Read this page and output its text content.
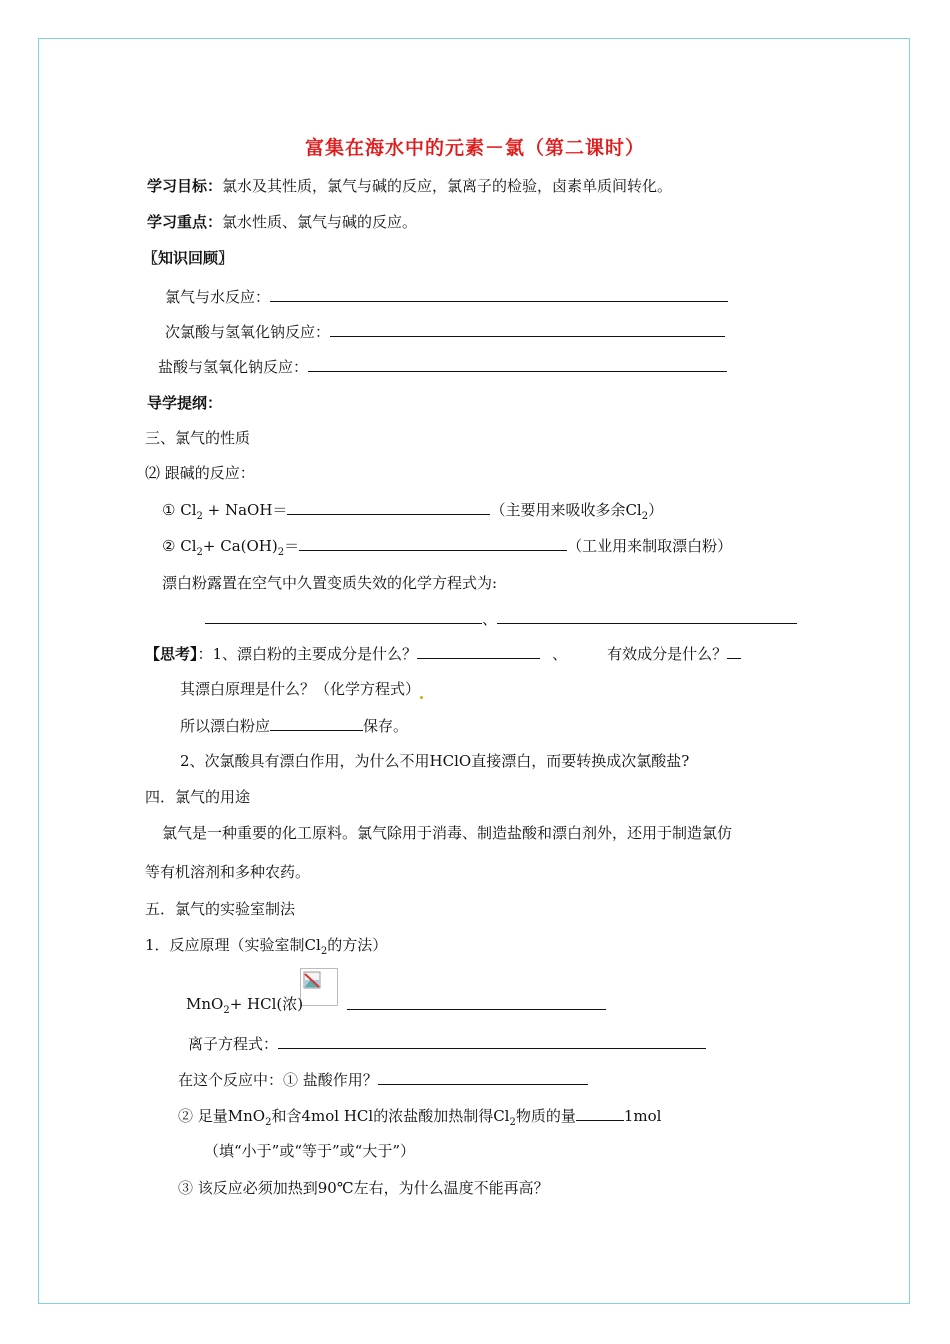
富集在海水中的元素－氯（第二课时）
学习目标：氯水及其性质，氯气与碱的反应，氯离子的检验，卤素单质间转化。
学习重点：氯水性质、氯气与碱的反应。
〖知识回顾〗
氯气与水反应：
次氯酸与氢氧化钠反应：
盐酸与氢氧化钠反应：
导学提纲：
三、氯气的性质
⑵ 跟碱的反应：
① $Cl_2$ + NaOH＝	（主要用来吸收多余$Cl_2$）
② $Cl_2+ Ca(OH)_2=$	（工业用来制取漂白粉）
漂白粉露置在空气中久置变质失效的化学方程式为:
、
【思考】：1、漂白粉的主要成分是什么？	、	有效成分是什么？
其漂白原理是什么？（化学方程式）
所以漂白粉应	保存。
2、次氯酸具有漂白作用，为什么不用HClO直接漂白，而要转换成次氯酸盐?
四．氯气的用途
氯气是一种重要的化工原料。氯气除用于消毒、制造盐酸和漂白剂外，还用于制造氯仿
等有机溶剂和多种农药。
五．氯气的实验室制法
1．反应原理（实验室制$Cl_2$的方法）
MnO$_2$+ HCl(浓)
离子方程式：
在这个反应中：① 盐酸作用？
② 足量MnO$_2$和含4mol HCl的浓盐酸加热制得$Cl_2$物质的量	1mol
（填“小于”或“等于”或“大于”）
③ 该反应必须加热到90℃左右，为什么温度不能再高？
